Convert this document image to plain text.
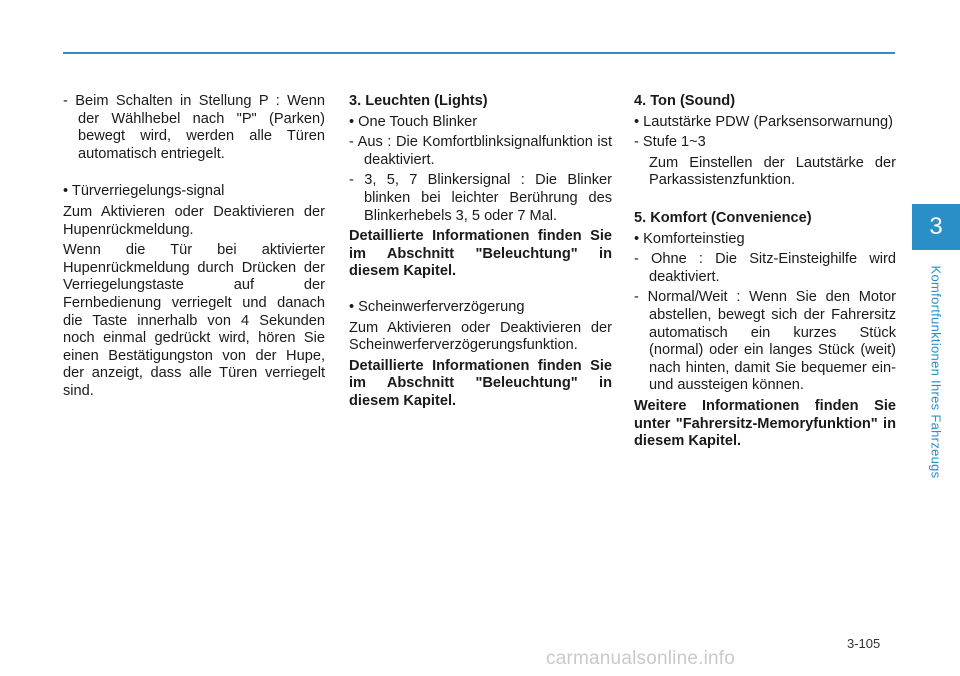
3
Komfortfunktionen Ihres Fahrzeugs
- Beim Schalten in Stellung P : Wenn der Wählhebel nach "P" (Parken) bewegt wird, werden alle Türen automatisch entriegelt.
• Türverriegelungs-signal
Zum Aktivieren oder Deaktivieren der Hupenrückmeldung.
Wenn die Tür bei aktivierter Hupenrückmeldung durch Drücken der Verriegelungstaste auf der Fernbedienung verriegelt und danach die Taste innerhalb von 4 Sekunden noch einmal gedrückt wird, hören Sie einen Bestätigungston von der Hupe, der anzeigt, dass alle Türen verriegelt sind.
3. Leuchten (Lights)
• One Touch Blinker
- Aus : Die Komfortblinksignalfunktion ist deaktiviert.
- 3, 5, 7 Blinkersignal : Die Blinker blinken bei leichter Berührung des Blinkerhebels 3, 5 oder 7 Mal.
Detaillierte Informationen finden Sie im Abschnitt "Beleuchtung" in diesem Kapitel.
• Scheinwerferverzögerung
Zum Aktivieren oder Deaktivieren der Scheinwerferverzögerungsfunktion.
Detaillierte Informationen finden Sie im Abschnitt "Beleuchtung" in diesem Kapitel.
4. Ton (Sound)
• Lautstärke PDW (Parksensorwarnung)
- Stufe 1~3
Zum Einstellen der Lautstärke der Parkassistenzfunktion.
5. Komfort (Convenience)
• Komforteinstieg
- Ohne : Die Sitz-Einsteighilfe wird deaktiviert.
- Normal/Weit : Wenn Sie den Motor abstellen, bewegt sich der Fahrersitz automatisch ein kurzes Stück (normal) oder ein langes Stück (weit) nach hinten, damit Sie bequemer ein- und aussteigen können.
Weitere Informationen finden Sie unter "Fahrersitz-Memoryfunktion" in diesem Kapitel.
3-105
carmanualsonline.info
